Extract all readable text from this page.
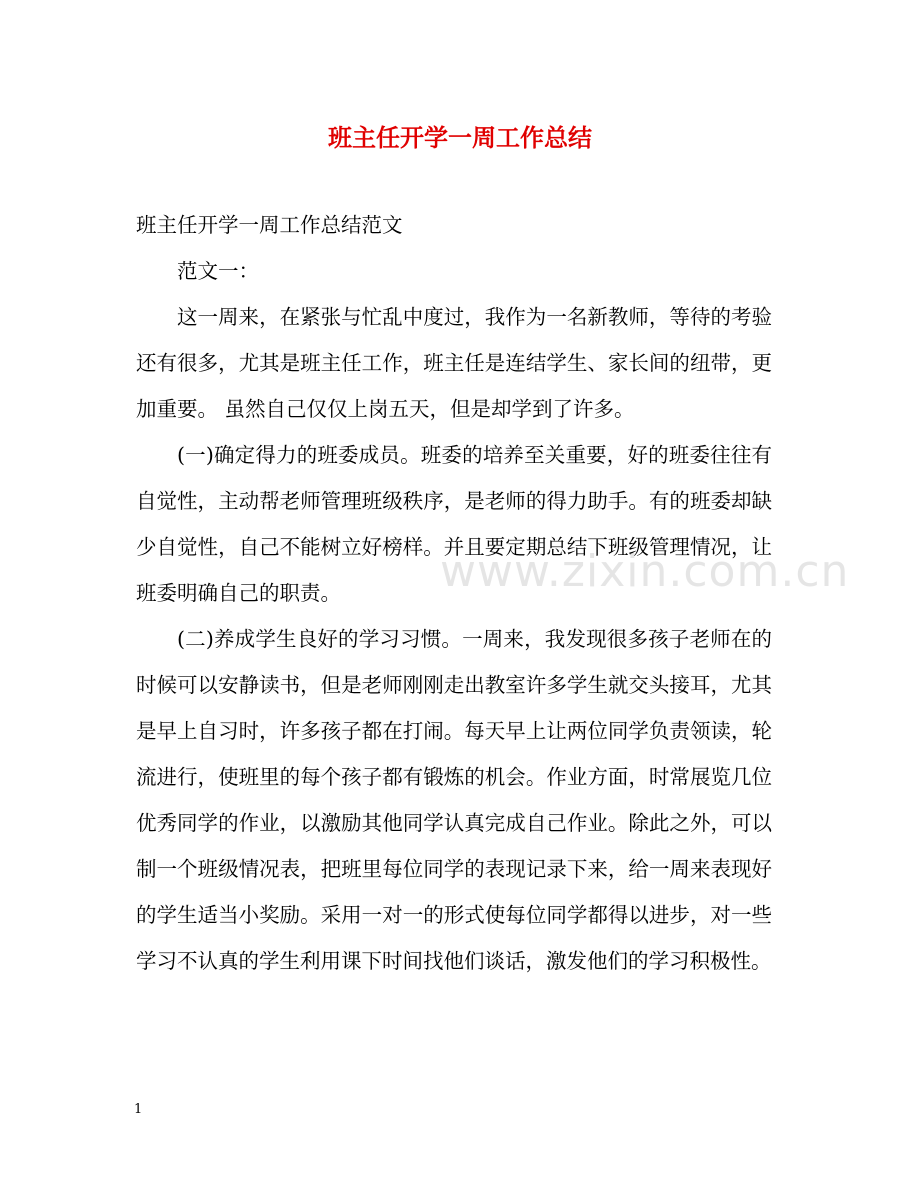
班主任开学一周工作总结

班主任开学一周工作总结范文

范文一：

这一周来，在紧张与忙乱中度过，我作为一名新教师，等待的考验还有很多，尤其是班主任工作，班主任是连结学生、家长间的纽带，更加重要。 虽然自己仅仅上岗五天，但是却学到了许多。

(一)确定得力的班委成员。班委的培养至关重要，好的班委往往有自觉性，主动帮老师管理班级秩序，是老师的得力助手。有的班委却缺少自觉性，自己不能树立好榜样。并且要定期总结下班级管理情况，让班委明确自己的职责。

(二)养成学生良好的学习习惯。一周来，我发现很多孩子老师在的时候可以安静读书，但是老师刚刚走出教室许多学生就交头接耳，尤其是早上自习时，许多孩子都在打闹。每天早上让两位同学负责领读，轮流进行，使班里的每个孩子都有锻炼的机会。作业方面，时常展览几位优秀同学的作业，以激励其他同学认真完成自己作业。除此之外，可以制一个班级情况表，把班里每位同学的表现记录下来，给一周来表现好的学生适当小奖励。采用一对一的形式使每位同学都得以进步，对一些学习不认真的学生利用课下时间找他们谈话，激发他们的学习积极性。

www.zixin.com.cn
1
